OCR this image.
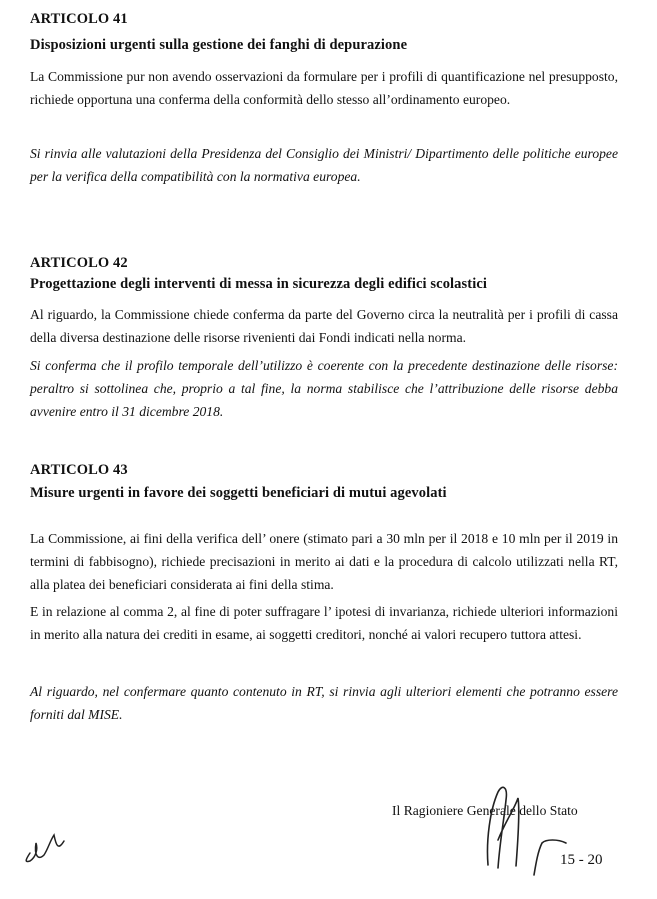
ARTICOLO 41
Disposizioni urgenti sulla gestione dei fanghi di depurazione
La Commissione pur non avendo osservazioni da formulare per i profili di quantificazione nel presupposto, richiede opportuna una conferma della conformità dello stesso all’ordinamento europeo.
Si rinvia alle valutazioni della Presidenza del Consiglio dei Ministri/ Dipartimento delle politiche europee per la verifica della compatibilità con la normativa europea.
ARTICOLO 42
Progettazione degli interventi di messa in sicurezza degli edifici scolastici
Al riguardo, la Commissione chiede conferma da parte del Governo circa la neutralità per i profili di cassa della diversa destinazione delle risorse rivenienti dai Fondi indicati nella norma.
Si conferma che il profilo temporale dell’utilizzo è coerente con la precedente destinazione delle risorse: peraltro si sottolinea che, proprio a tal fine, la norma stabilisce che l’attribuzione delle risorse debba avvenire entro il 31 dicembre 2018.
ARTICOLO 43
Misure urgenti in favore dei soggetti beneficiari di mutui agevolati
La Commissione, ai fini della verifica dell’ onere (stimato pari a 30 mln per il 2018 e 10 mln per il 2019 in termini di fabbisogno), richiede precisazioni in merito ai dati e la procedura di calcolo utilizzati nella RT, alla platea dei beneficiari considerata ai fini della stima.
E in relazione al comma 2, al fine di poter suffragare l’ ipotesi di invarianza, richiede ulteriori informazioni in merito alla natura dei crediti in esame, ai soggetti creditori, nonché ai valori recupero tuttora attesi.
Al riguardo, nel confermare quanto contenuto in RT, si rinvia agli ulteriori elementi che potranno essere forniti dal MISE.
Il Ragioniere Generale dello Stato
15 - 20
